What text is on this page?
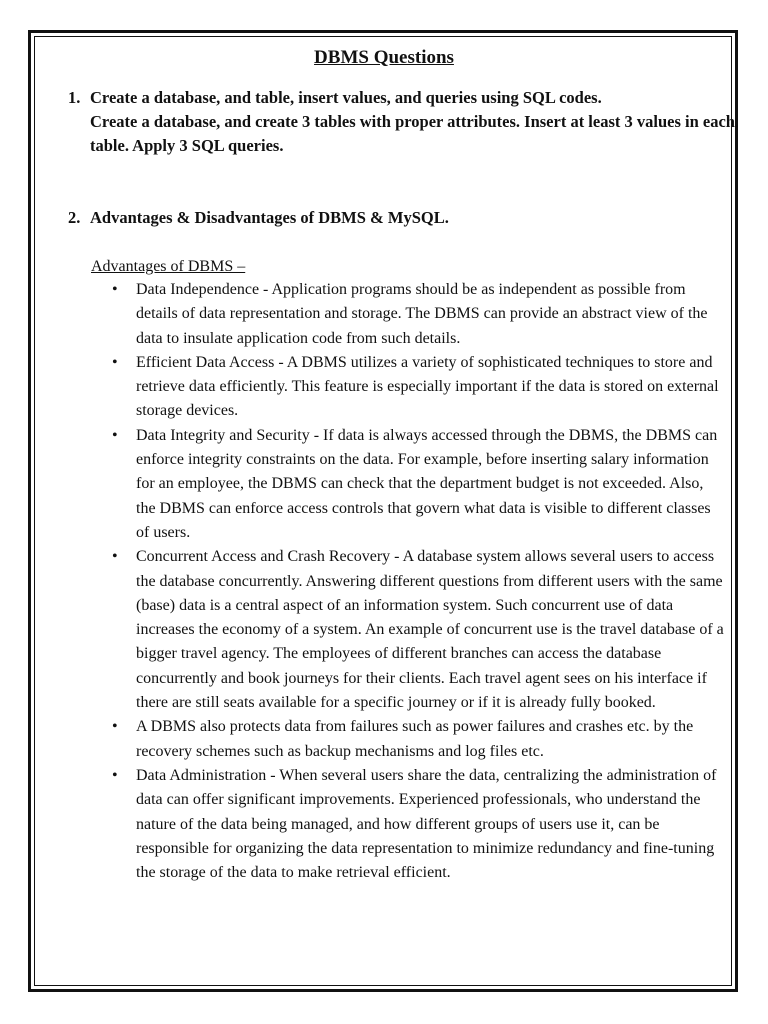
DBMS Questions
1. Create a database, and table, insert values, and queries using SQL codes.
Create a database, and create 3 tables with proper attributes. Insert at least 3 values in each table. Apply 3 SQL queries.
2. Advantages & Disadvantages of DBMS & MySQL.
Advantages of DBMS –
• Data Independence - Application programs should be as independent as possible from details of data representation and storage. The DBMS can provide an abstract view of the data to insulate application code from such details.
• Efficient Data Access - A DBMS utilizes a variety of sophisticated techniques to store and retrieve data efficiently. This feature is especially important if the data is stored on external storage devices.
• Data Integrity and Security - If data is always accessed through the DBMS, the DBMS can enforce integrity constraints on the data. For example, before inserting salary information for an employee, the DBMS can check that the department budget is not exceeded. Also, the DBMS can enforce access controls that govern what data is visible to different classes of users.
• Concurrent Access and Crash Recovery - A database system allows several users to access the database concurrently. Answering different questions from different users with the same (base) data is a central aspect of an information system. Such concurrent use of data increases the economy of a system. An example of concurrent use is the travel database of a bigger travel agency. The employees of different branches can access the database concurrently and book journeys for their clients. Each travel agent sees on his interface if there are still seats available for a specific journey or if it is already fully booked.
• A DBMS also protects data from failures such as power failures and crashes etc. by the recovery schemes such as backup mechanisms and log files etc.
• Data Administration - When several users share the data, centralizing the administration of data can offer significant improvements. Experienced professionals, who understand the nature of the data being managed, and how different groups of users use it, can be responsible for organizing the data representation to minimize redundancy and fine-tuning the storage of the data to make retrieval efficient.
